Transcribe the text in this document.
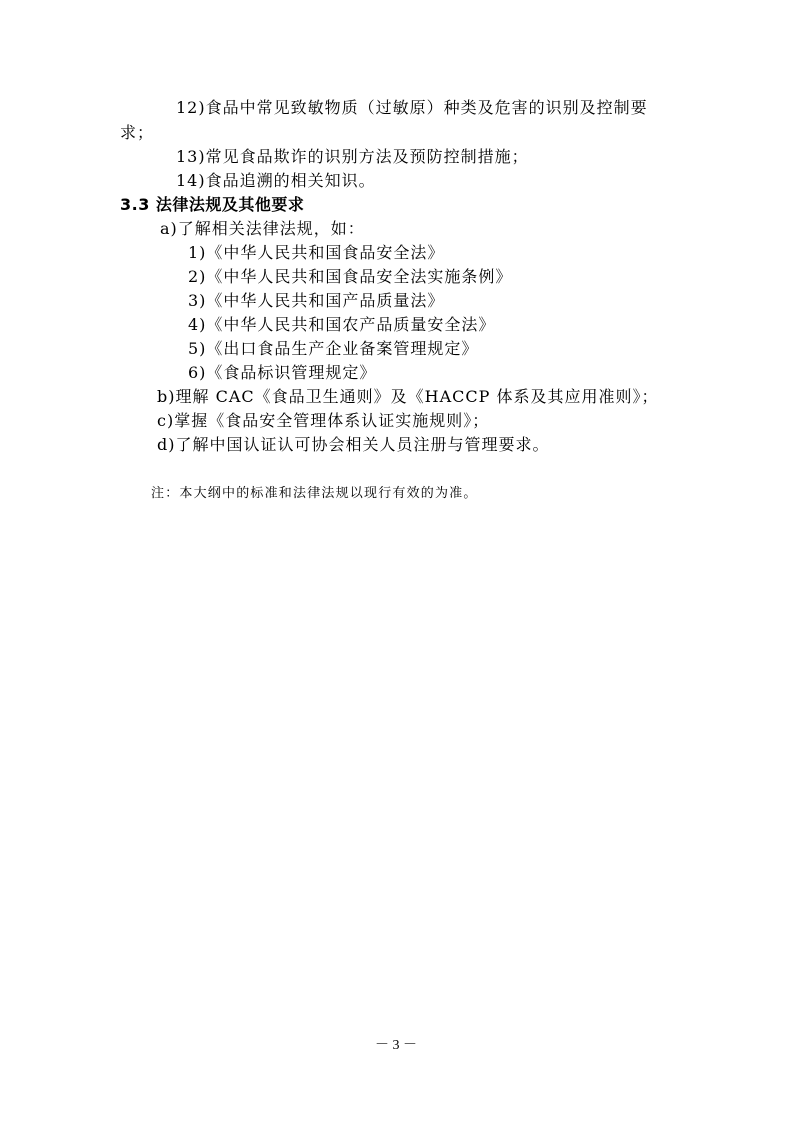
12)食品中常见致敏物质（过敏原）种类及危害的识别及控制要
求；
13)常见食品欺诈的识别方法及预防控制措施；
14)食品追溯的相关知识。
3.3 法律法规及其他要求
a)了解相关法律法规，如：
1)《中华人民共和国食品安全法》
2)《中华人民共和国食品安全法实施条例》
3)《中华人民共和国产品质量法》
4)《中华人民共和国农产品质量安全法》
5)《出口食品生产企业备案管理规定》
6)《食品标识管理规定》
b)理解 CAC《食品卫生通则》及《HACCP 体系及其应用准则》；
c)掌握《食品安全管理体系认证实施规则》；
d)了解中国认证认可协会相关人员注册与管理要求。
注：本大纲中的标准和法律法规以现行有效的为准。
－ 3 －
